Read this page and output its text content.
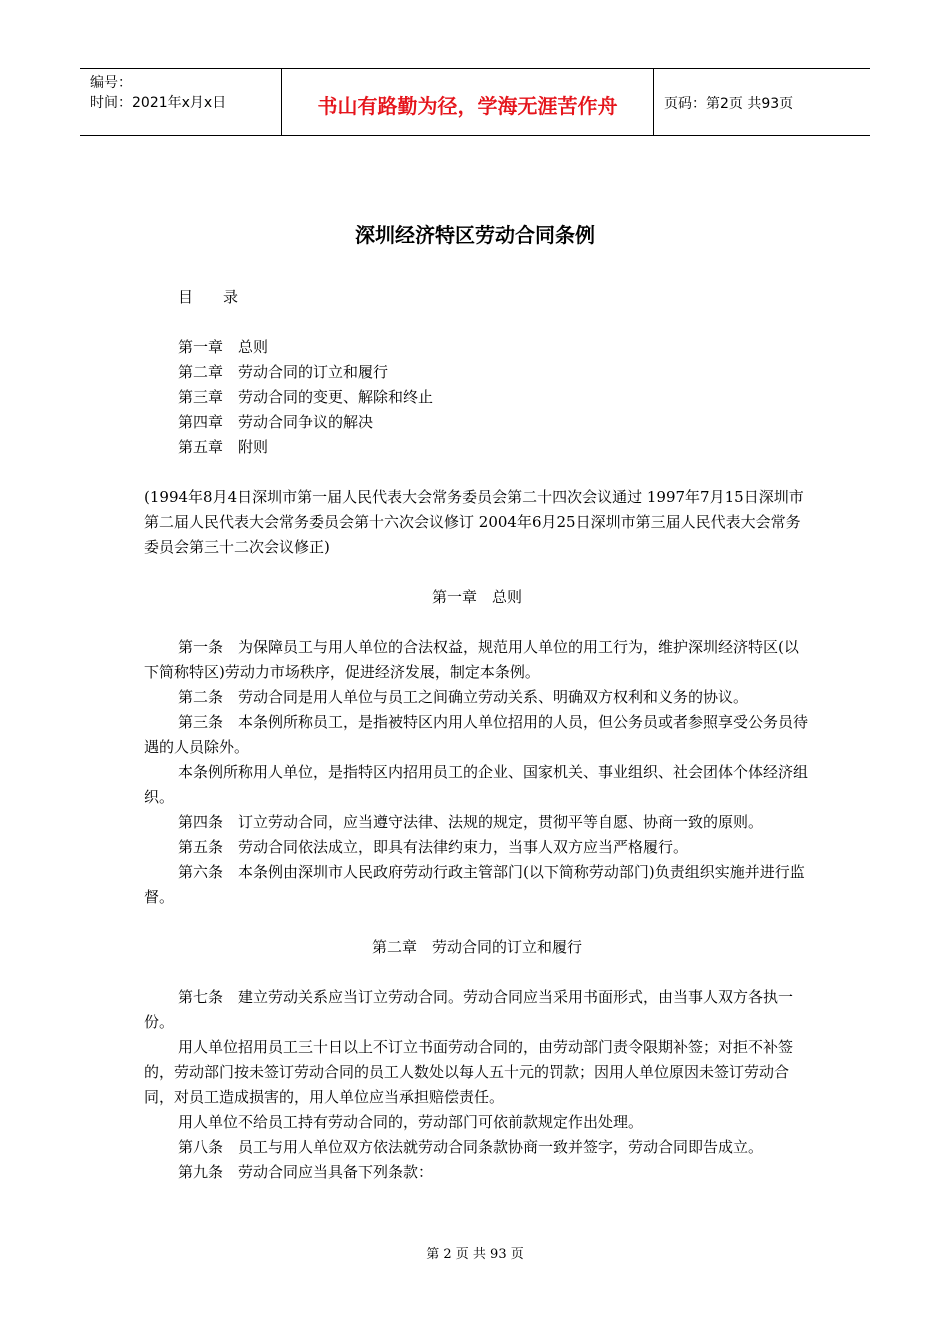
编号：
时间：2021年x月x日	书山有路勤为径，学海无涯苦作舟	页码：第2页 共93页
深圳经济特区劳动合同条例

目　　录

第一章　总则

第二章　劳动合同的订立和履行

第三章　劳动合同的变更、解除和终止

第四章　劳动合同争议的解决

第五章　附则

(1994年8月4日深圳市第一届人民代表大会常务委员会第二十四次会议通过 1997年7月15日深圳市第二届人民代表大会常务委员会第十六次会议修订 2004年6月25日深圳市第三届人民代表大会常务委员会第三十二次会议修正)

第一章　总则

第一条　为保障员工与用人单位的合法权益，规范用人单位的用工行为，维护深圳经济特区(以下简称特区)劳动力市场秩序，促进经济发展，制定本条例。

第二条　劳动合同是用人单位与员工之间确立劳动关系、明确双方权利和义务的协议。

第三条　本条例所称员工，是指被特区内用人单位招用的人员，但公务员或者参照享受公务员待遇的人员除外。

本条例所称用人单位，是指特区内招用员工的企业、国家机关、事业组织、社会团体个体经济组织。

第四条　订立劳动合同，应当遵守法律、法规的规定，贯彻平等自愿、协商一致的原则。

第五条　劳动合同依法成立，即具有法律约束力，当事人双方应当严格履行。

第六条　本条例由深圳市人民政府劳动行政主管部门(以下简称劳动部门)负责组织实施并进行监督。

第二章　劳动合同的订立和履行

第七条　建立劳动关系应当订立劳动合同。劳动合同应当采用书面形式，由当事人双方各执一份。

用人单位招用员工三十日以上不订立书面劳动合同的，由劳动部门责令限期补签；对拒不补签的，劳动部门按未签订劳动合同的员工人数处以每人五十元的罚款；因用人单位原因未签订劳动合同，对员工造成损害的，用人单位应当承担赔偿责任。

用人单位不给员工持有劳动合同的，劳动部门可依前款规定作出处理。

第八条　员工与用人单位双方依法就劳动合同条款协商一致并签字，劳动合同即告成立。

第九条　劳动合同应当具备下列条款：

第 2 页 共 93 页
